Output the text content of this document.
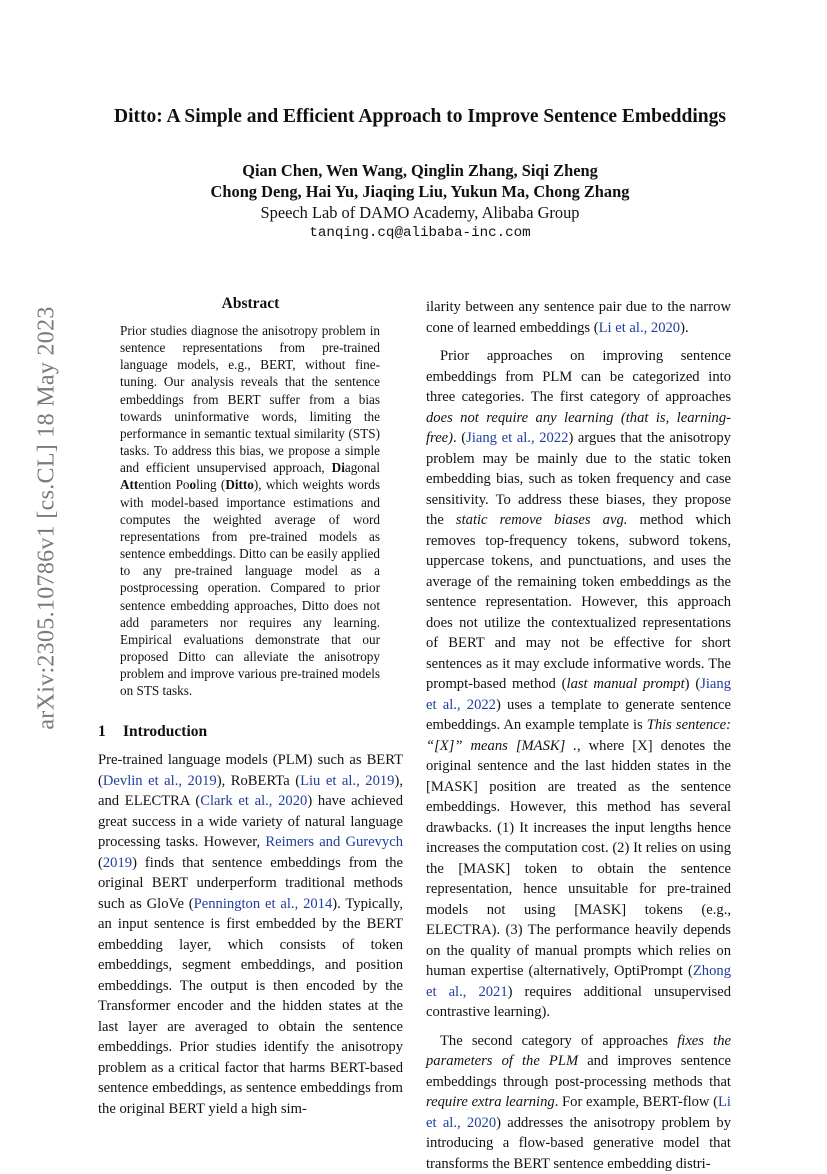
arXiv:2305.10786v1 [cs.CL] 18 May 2023
Ditto: A Simple and Efficient Approach to Improve Sentence Embeddings
Qian Chen, Wen Wang, Qinglin Zhang, Siqi Zheng
Chong Deng, Hai Yu, Jiaqing Liu, Yukun Ma, Chong Zhang
Speech Lab of DAMO Academy, Alibaba Group
tanqing.cq@alibaba-inc.com
Abstract

Prior studies diagnose the anisotropy problem in sentence representations from pre-trained language models, e.g., BERT, without fine-tuning. Our analysis reveals that the sentence embeddings from BERT suffer from a bias towards uninformative words, limiting the performance in semantic textual similarity (STS) tasks. To address this bias, we propose a simple and efficient unsupervised approach, Diagonal Attention Pooling (Ditto), which weights words with model-based importance estimations and computes the weighted average of word representations from pre-trained models as sentence embeddings. Ditto can be easily applied to any pre-trained language model as a postprocessing operation. Compared to prior sentence embedding approaches, Ditto does not add parameters nor requires any learning. Empirical evaluations demonstrate that our proposed Ditto can alleviate the anisotropy problem and improve various pre-trained models on STS tasks.

1 Introduction

Pre-trained language models (PLM) such as BERT (Devlin et al., 2019), RoBERTa (Liu et al., 2019), and ELECTRA (Clark et al., 2020) have achieved great success in a wide variety of natural language processing tasks. However, Reimers and Gurevych (2019) finds that sentence embeddings from the original BERT underperform traditional methods such as GloVe (Pennington et al., 2014). Typically, an input sentence is first embedded by the BERT embedding layer, which consists of token embeddings, segment embeddings, and position embeddings. The output is then encoded by the Transformer encoder and the hidden states at the last layer are averaged to obtain the sentence embeddings. Prior studies identify the anisotropy problem as a critical factor that harms BERT-based sentence embeddings, as sentence embeddings from the original BERT yield a high sim-

ilarity between any sentence pair due to the narrow cone of learned embeddings (Li et al., 2020).

Prior approaches on improving sentence embeddings from PLM can be categorized into three categories. The first category of approaches does not require any learning (that is, learning-free). (Jiang et al., 2022) argues that the anisotropy problem may be mainly due to the static token embedding bias, such as token frequency and case sensitivity. To address these biases, they propose the static remove biases avg. method which removes top-frequency tokens, subword tokens, uppercase tokens, and punctuations, and uses the average of the remaining token embeddings as the sentence representation. However, this approach does not utilize the contextualized representations of BERT and may not be effective for short sentences as it may exclude informative words. The prompt-based method (last manual prompt) (Jiang et al., 2022) uses a template to generate sentence embeddings. An example template is This sentence: “[X]” means [MASK] ., where [X] denotes the original sentence and the last hidden states in the [MASK] position are treated as the sentence embeddings. However, this method has several drawbacks. (1) It increases the input lengths hence increases the computation cost. (2) It relies on using the [MASK] token to obtain the sentence representation, hence unsuitable for pre-trained models not using [MASK] tokens (e.g., ELECTRA). (3) The performance heavily depends on the quality of manual prompts which relies on human expertise (alternatively, OptiPrompt (Zhong et al., 2021) requires additional unsupervised contrastive learning).

The second category of approaches fixes the parameters of the PLM and improves sentence embeddings through post-processing methods that require extra learning. For example, BERT-flow (Li et al., 2020) addresses the anisotropy problem by introducing a flow-based generative model that transforms the BERT sentence embedding distri-
